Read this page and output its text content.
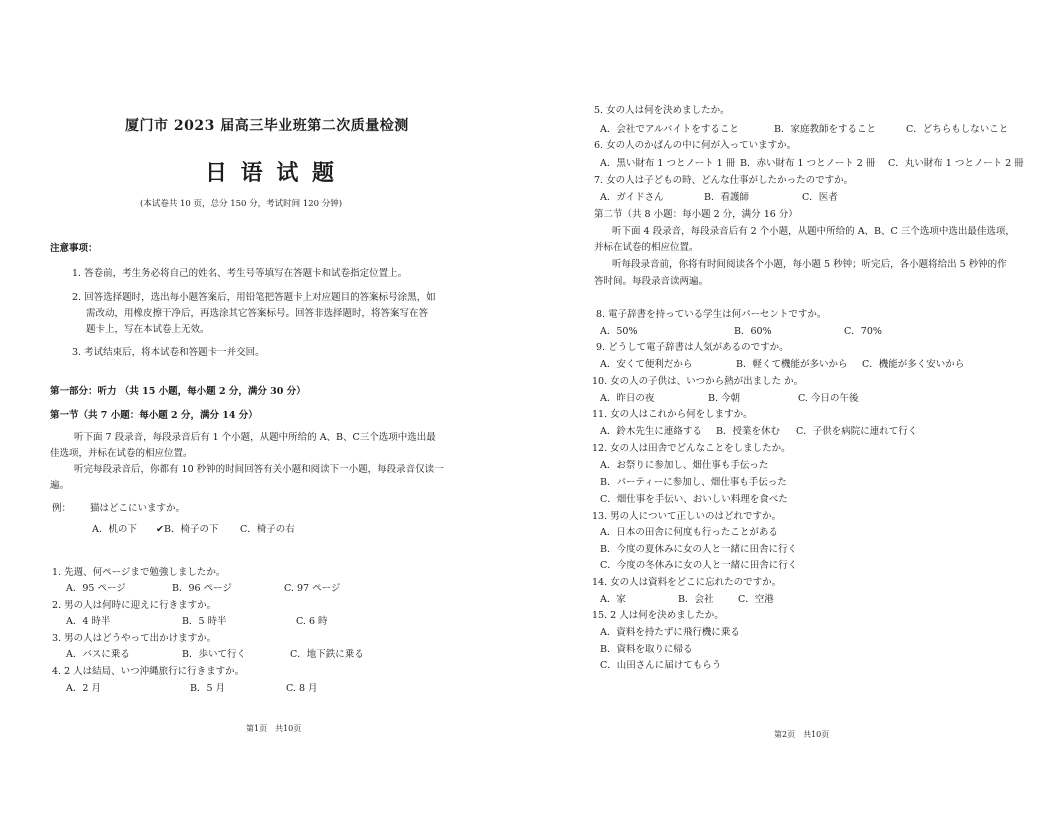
厦门市 2023 届高三毕业班第二次质量检测
日 语 试 题
(本试卷共 10 页，总分 150 分，考试时间 120 分钟)
注意事项：
1. 答卷前，考生务必将自己的姓名、考生号等填写在答题卡和试卷指定位置上。
2. 回答选择题时，选出每小题答案后，用铅笔把答题卡上对应题目的答案标号涂黑，如
需改动，用橡皮擦干净后，再选涂其它答案标号。回答非选择题时，将答案写在答
题卡上，写在本试卷上无效。
3. 考试结束后，将本试卷和答题卡一并交回。
第一部分：听力 （共 15 小题，每小题 2 分，满分 30 分）
第一节（共 7 小题：每小题 2 分，满分 14 分）
听下面 7 段录音，每段录音后有 1 个小题，从题中所给的 A、B、C三个选项中选出最
佳选项，并标在试卷的相应位置。
听完每段录音后，你都有 10 秒钟的时间回答有关小题和阅读下一小题，每段录音仅读一
遍。
例： 猫はどこにいますか。
A．机の下 ✔B．椅子の下 C．椅子の右
1. 先週、何ページまで勉強しましたか。
A．95 ページ	B．96 ページ	C. 97 ページ
2. 男の人は何時に迎えに行きますか。
A．4 時半	B．5 時半	C. 6 時
3. 男の人はどうやって出かけますか。
A．バスに乗る	B．歩いて行く	C．地下鉄に乗る
4. 2 人は結局、いつ沖縄旅行に行きますか。
A．2 月	B．5 月	C. 8 月
第1页　共10页
5. 女の人は何を決めましたか。
A．会社でアルバイトをすること	B．家庭教師をすること	C．どちらもしないこと
6. 女の人のかばんの中に何が入っていますか。
A．黒い財布 1 つとノート 1 冊 B．赤い財布 1 つとノート 2 冊 C．丸い財布 1 つとノート 2 冊
7. 女の人は子どもの時、どんな仕事がしたかったのですか。
A．ガイドさん	B．看護師	C．医者
第二节（共 8 小题：每小题 2 分，满分 16 分）
听下面 4 段录音，每段录音后有 2 个小题，从题中所给的 A、B、C 三个选项中选出最佳选项，
并标在试卷的相应位置。
听每段录音前，你将有时间阅读各个小题，每小题 5 秒钟；听完后，各小题将给出 5 秒钟的作
答时间。每段录音读两遍。
8. 電子辞書を持っている学生は何パーセントですか。
A．50%	B．60%	C．70%
9. どうして電子辞書は人気があるのですか。
A．安くて便利だから	B．軽くて機能が多いから C．機能が多く安いから
10. 女の人の子供は、いつから熱が出ました か。
A．昨日の夜	B. 今朝	C. 今日の午後
11. 女の人はこれから何をしますか。
A．鈴木先生に連絡する B．授業を休む C．子供を病院に連れて行く
12. 女の人は田舎でどんなことをしましたか。
A．お祭りに参加し、畑仕事も手伝った
B．パーティーに参加し、畑仕事も手伝った
C．畑仕事を手伝い、おいしい料理を食べた
13. 男の人について正しいのはどれですか。
A．日本の田舎に何度も行ったことがある
B．今度の夏休みに女の人と一緒に田舎に行く
C．今度の冬休みに女の人と一緒に田舎に行く
14. 女の人は資料をどこに忘れたのですか。
A．家	B．会社	C．空港
15. 2 人は何を決めましたか。
A．資料を持たずに飛行機に乗る
B．資料を取りに帰る
C．山田さんに届けてもらう
第2页　共10页
